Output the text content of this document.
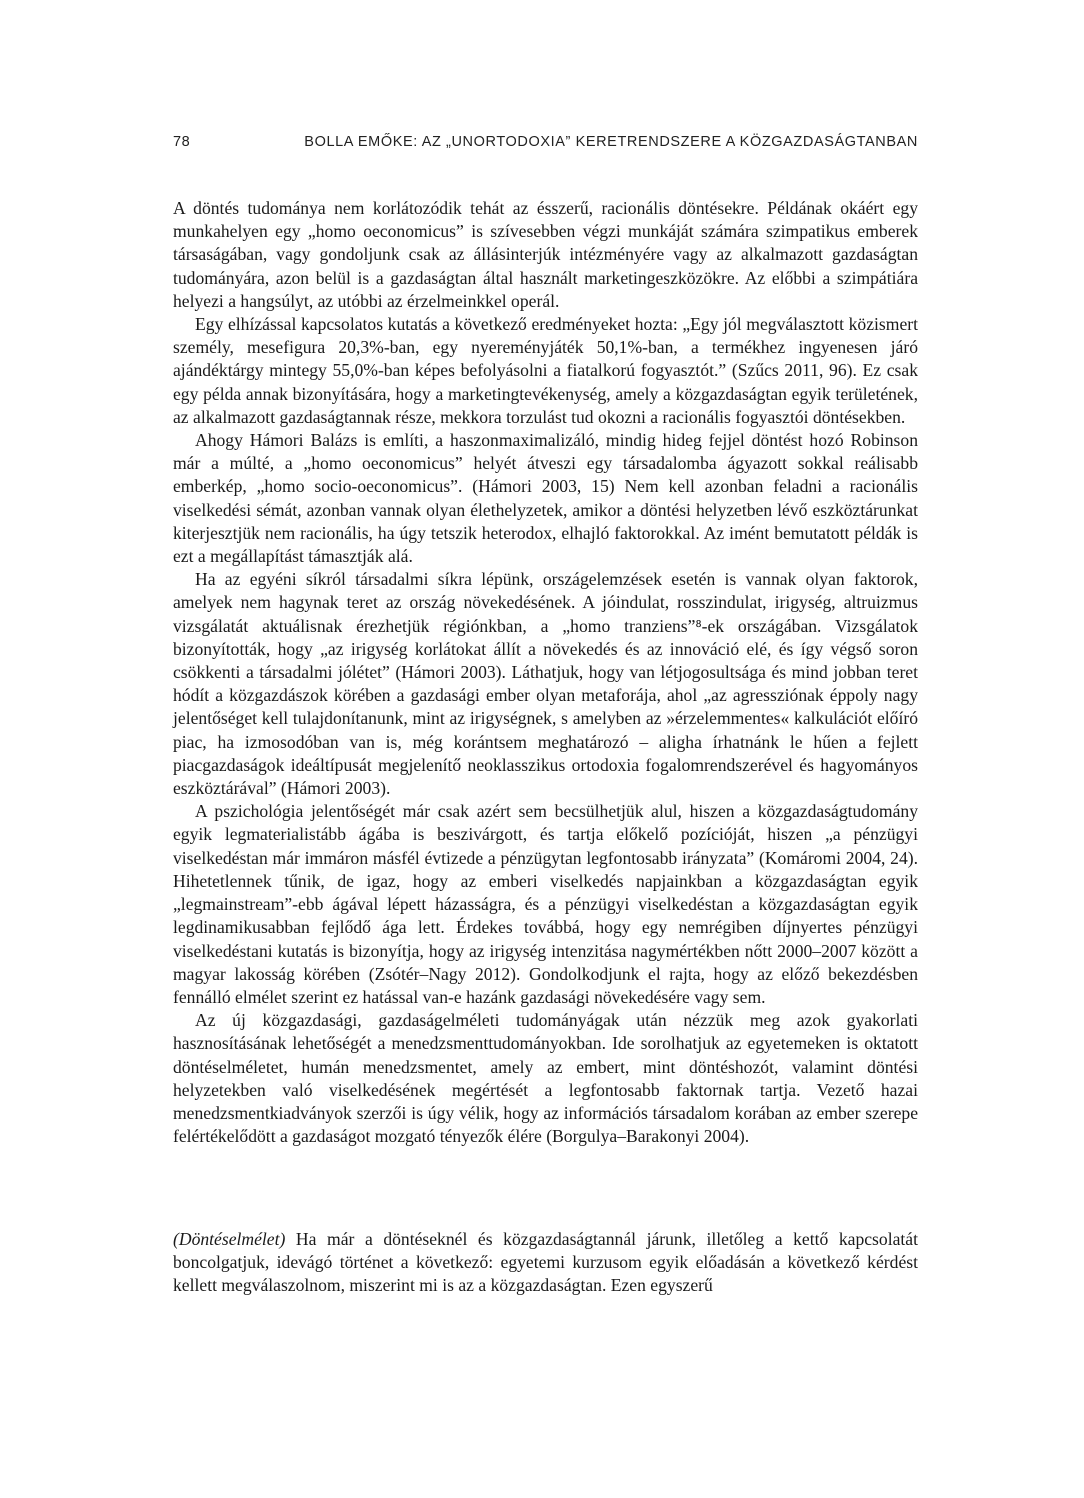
78	BOLLA EMŐKE: AZ „UNORTODOXIA” KERETRENDSZERE A KÖZGAZDASÁGTANBAN

A döntés tudománya nem korlátozódik tehát az ésszerű, racionális döntésekre. Példának okáért egy munkahelyen egy „homo oeconomicus” is szívesebben végzi munkáját számára szimpatikus emberek társaságában, vagy gondoljunk csak az állásinterjúk intézményére vagy az alkalmazott gazdaságtan tudományára, azon belül is a gazdaságtan által használt marketingeszközökre. Az előbbi a szimpátiára helyezi a hangsúlyt, az utóbbi az érzelmeinkkel operál.

Egy elhízással kapcsolatos kutatás a következő eredményeket hozta: „Egy jól megválasztott közismert személy, mesefigura 20,3%-ban, egy nyereményjáték 50,1%-ban, a termékhez ingyenesen járó ajándéktárgy mintegy 55,0%-ban képes befolyásolni a fiatalkorú fogyasztót.” (Szűcs 2011, 96). Ez csak egy példa annak bizonyítására, hogy a marketingtevékenység, amely a közgazdaságtan egyik területének, az alkalmazott gazdaságtannak része, mekkora torzulást tud okozni a racionális fogyasztói döntésekben.

Ahogy Hámori Balázs is említi, a haszonmaximalizáló, mindig hideg fejjel döntést hozó Robinson már a múlté, a „homo oeconomicus” helyét átveszi egy társadalomba ágyazott sokkal reálisabb emberkép, „homo socio-oeconomicus”. (Hámori 2003, 15) Nem kell azonban feladni a racionális viselkedési sémát, azonban vannak olyan élethelyzetek, amikor a döntési helyzetben lévő eszköztárunkat kiterjesztjük nem racionális, ha úgy tetszik heterodox, elhajló faktorokkal. Az imént bemutatott példák is ezt a megállapítást támasztják alá.

Ha az egyéni síkról társadalmi síkra lépünk, országelemzések esetén is vannak olyan faktorok, amelyek nem hagynak teret az ország növekedésének. A jóindulat, rosszindulat, irigység, altruizmus vizsgálatát aktuálisnak érezhetjük régiónkban, a „homo tranziens”⁸-ek országában. Vizsgálatok bizonyították, hogy „az irigység korlátokat állít a növekedés és az innováció elé, és így végső soron csökkenti a társadalmi jólétet” (Hámori 2003). Láthatjuk, hogy van létjogosultsága és mind jobban teret hódít a közgazdászok körében a gazdasági ember olyan metaforája, ahol „az agressziónak éppoly nagy jelentőséget kell tulajdonítanunk, mint az irigységnek, s amelyben az »érzelemmentes« kalkulációt előíró piac, ha izmosodóban van is, még korántsem meghatározó – aligha írhatnánk le hűen a fejlett piacgazdaságok ideáltípusát megjelenítő neoklasszikus ortodoxia fogalomrendszerével és hagyományos eszköztárával” (Hámori 2003).

A pszichológia jelentőségét már csak azért sem becsülhetjük alul, hiszen a közgazdaságtudomány egyik legmaterialistább ágába is beszivárgott, és tartja előkelő pozícióját, hiszen „a pénzügyi viselkedéstan már immáron másfél évtizede a pénzügytan legfontosabb irányzata” (Komáromi 2004, 24). Hihetetlennek tűnik, de igaz, hogy az emberi viselkedés napjainkban a közgazdaságtan egyik „legmainstream”-ebb ágával lépett házasságra, és a pénzügyi viselkedéstan a közgazdaságtan egyik legdinamikusabban fejlődő ága lett. Érdekes továbbá, hogy egy nemrégiben díjnyertes pénzügyi viselkedéstani kutatás is bizonyítja, hogy az irigység intenzitása nagymértékben nőtt 2000–2007 között a magyar lakosság körében (Zsótér–Nagy 2012). Gondolkodjunk el rajta, hogy az előző bekezdésben fennálló elmélet szerint ez hatással van-e hazánk gazdasági növekedésére vagy sem.

Az új közgazdasági, gazdaságelméleti tudományágak után nézzük meg azok gyakorlati hasznosításának lehetőségét a menedzsmenttudományokban. Ide sorolhatjuk az egyetemeken is oktatott döntéselméletet, humán menedzsmentet, amely az embert, mint döntéshozót, valamint döntési helyzetekben való viselkedésének megértését a legfontosabb faktornak tartja. Vezető hazai menedzsmentkiadványok szerzői is úgy vélik, hogy az információs társadalom korában az ember szerepe felértékelődött a gazdaságot mozgató tényezők élére (Borgulya–Barakonyi 2004).

(Döntéselmélet) Ha már a döntéseknél és közgazdaságtannál járunk, illetőleg a kettő kapcsolatát boncolgatjuk, idevágó történet a következő: egyetemi kurzusom egyik előadásán a következő kérdést kellett megválaszolnom, miszerint mi is az a közgazdaságtan. Ezen egyszerű
